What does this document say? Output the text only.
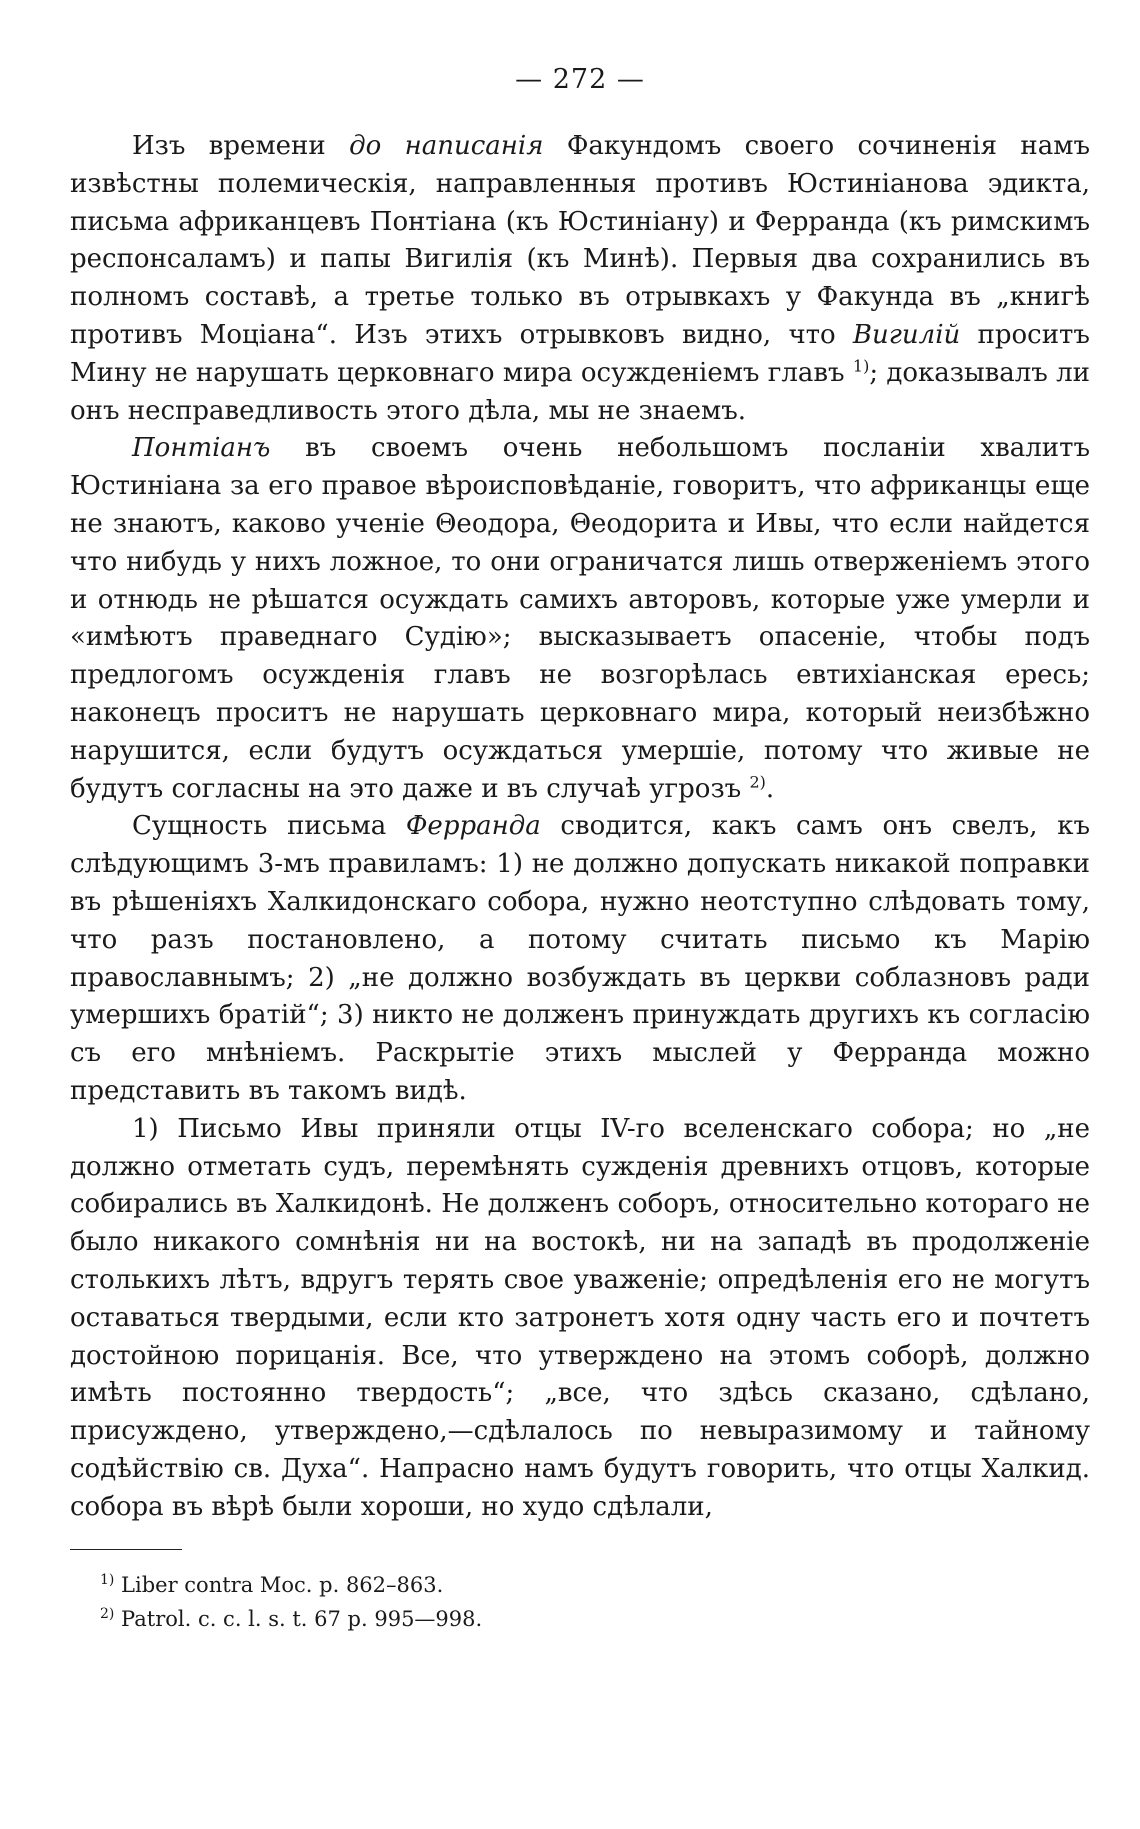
— 272 —

Изъ времени до написанія Факундомъ своего сочиненія намъ извѣстны полемическія, направленныя противъ Юстиніанова эдикта, письма африканцевъ Понтіана (къ Юстиніану) и Ферранда (къ римскимъ респонсаламъ) и папы Вигилія (къ Минѣ). Первыя два сохранились въ полномъ составѣ, а третье только въ отрывкахъ у Факунда въ „книгѣ противъ Моціана“. Изъ этихъ отрывковъ видно, что Вигилій проситъ Мину не нарушать церковнаго мира осужденіемъ главъ $^{1)}$; доказывалъ ли онъ несправедливость этого дѣла, мы не знаемъ.

Понтіанъ въ своемъ очень небольшомъ посланіи хвалитъ Юстиніана за его правое вѣроисповѣданіе, говоритъ, что африканцы еще не знаютъ, каково ученіе Θеодора, Θеодорита и Ивы, что если найдется что нибудь у нихъ ложное, то они ограничатся лишь отверженіемъ этого и отнюдь не рѣшатся осуждать самихъ авторовъ, которые уже умерли и «имѣютъ праведнаго Судію»; высказываетъ опасеніе, чтобы подъ предлогомъ осужденія главъ не возгорѣлась евтихіанская ересь; наконецъ проситъ не нарушать церковнаго мира, который неизбѣжно нарушится, если будутъ осуждаться умершіе, потому что живые не будутъ согласны на это даже и въ случаѣ угрозъ $^{2)}$.

Сущность письма Ферранда сводится, какъ самъ онъ свелъ, къ слѣдующимъ 3-мъ правиламъ: 1) не должно допускать никакой поправки въ рѣшеніяхъ Халкидонскаго собора, нужно неотступно слѣдовать тому, что разъ постановлено, а потому считать письмо къ Марію православнымъ; 2) „не должно возбуждать въ церкви соблазновъ ради умершихъ братій“; 3) никто не долженъ принуждать другихъ къ согласію съ его мнѣніемъ. Раскрытіе этихъ мыслей у Ферранда можно представить въ такомъ видѣ.

1) Письмо Ивы приняли отцы IV-го вселенскаго собора; но „не должно отметать судъ, перемѣнять сужденія древнихъ отцовъ, которые собирались въ Халкидонѣ. Не долженъ соборъ, относительно котораго не было никакого сомнѣнія ни на востокѣ, ни на западѣ въ продолженіе столькихъ лѣтъ, вдругъ терять свое уваженіе; опредѣленія его не могутъ оставаться твердыми, если кто затронетъ хотя одну часть его и почтетъ достойною порицанія. Все, что утверждено на этомъ соборѣ, должно имѣть постоянно твердость“; „все, что здѣсь сказано, сдѣлано, присуждено, утверждено,—сдѣлалось по невыразимому и тайному содѣйствію св. Духа“. Напрасно намъ будутъ говорить, что отцы Халкид. собора въ вѣрѣ были хороши, но худо сдѣлали,

$^{1)}$ Liber contra Moc. p. 862–863.
$^{2)}$ Patrol. c. c. l. s. t. 67 p. 995—998.
